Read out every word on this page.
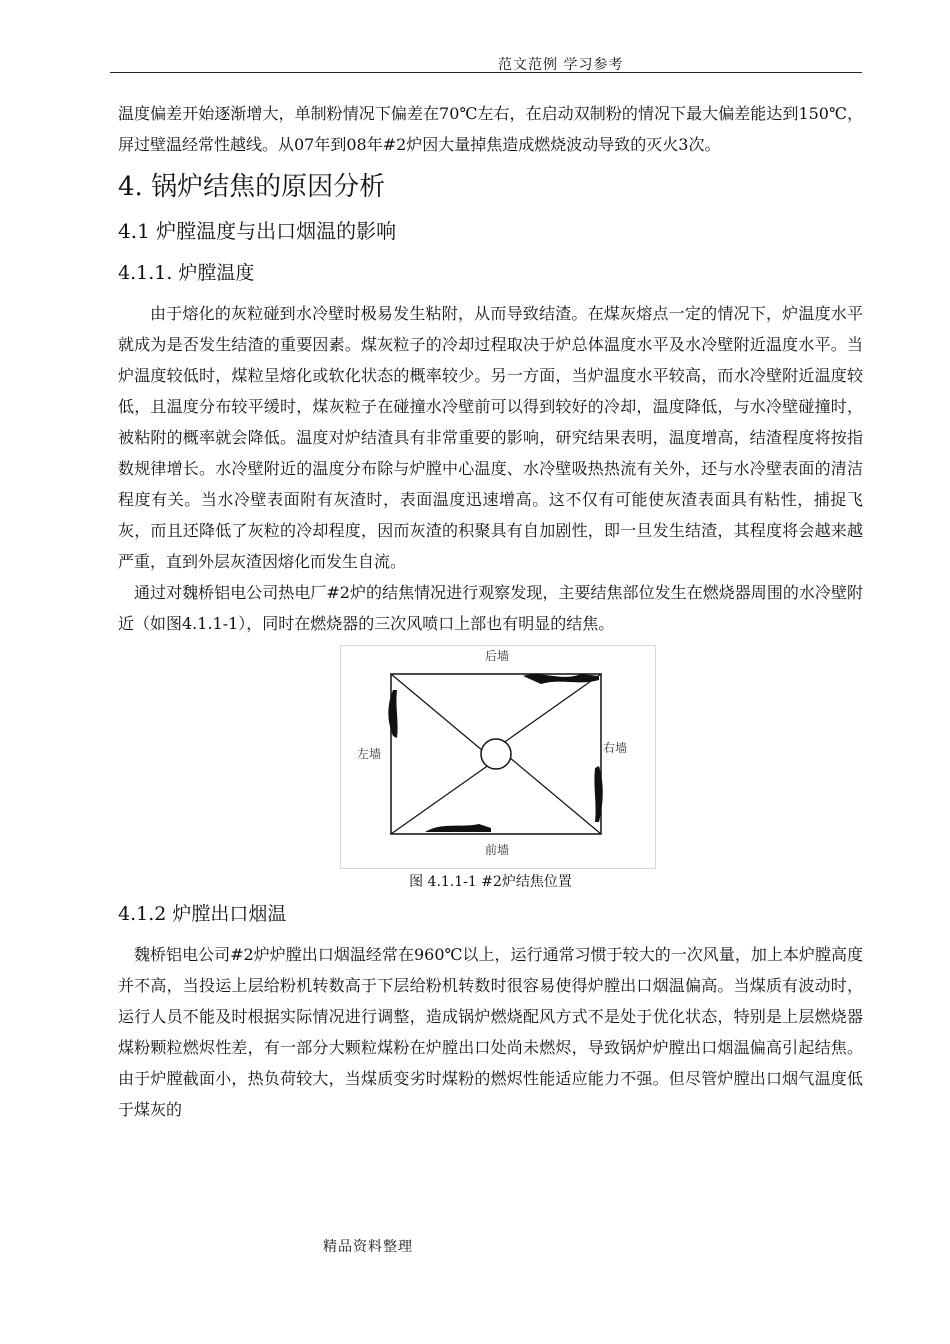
范文范例 学习参考

温度偏差开始逐渐增大，单制粉情况下偏差在70℃左右，在启动双制粉的情况下最大偏差能达到150℃，屏过壁温经常性越线。从07年到08年#2炉因大量掉焦造成燃烧波动导致的灭火3次。

4. 锅炉结焦的原因分析
4.1 炉膛温度与出口烟温的影响
4.1.1. 炉膛温度

由于熔化的灰粒碰到水冷壁时极易发生粘附，从而导致结渣。在煤灰熔点一定的情况下，炉温度水平就成为是否发生结渣的重要因素。煤灰粒子的冷却过程取决于炉总体温度水平及水冷壁附近温度水平。当炉温度较低时，煤粒呈熔化或软化状态的概率较少。另一方面，当炉温度水平较高，而水冷壁附近温度较低，且温度分布较平缓时，煤灰粒子在碰撞水冷壁前可以得到较好的冷却，温度降低，与水冷壁碰撞时，被粘附的概率就会降低。温度对炉结渣具有非常重要的影响，研究结果表明，温度增高，结渣程度将按指数规律增长。水冷壁附近的温度分布除与炉膛中心温度、水冷壁吸热热流有关外，还与水冷壁表面的清洁程度有关。当水冷壁表面附有灰渣时，表面温度迅速增高。这不仅有可能使灰渣表面具有粘性，捕捉飞灰，而且还降低了灰粒的冷却程度，因而灰渣的积聚具有自加剧性，即一旦发生结渣，其程度将会越来越严重，直到外层灰渣因熔化而发生自流。

通过对魏桥铝电公司热电厂#2炉的结焦情况进行观察发现，主要结焦部位发生在燃烧器周围的水冷壁附近（如图4.1.1-1），同时在燃烧器的三次风喷口上部也有明显的结焦。

后墙
左墙	右墙
前墙
图 4.1.1-1 #2炉结焦位置
4.1.2 炉膛出口烟温

魏桥铝电公司#2炉炉膛出口烟温经常在960℃以上，运行通常习惯于较大的一次风量，加上本炉膛高度并不高，当投运上层给粉机转数高于下层给粉机转数时很容易使得炉膛出口烟温偏高。当煤质有波动时，运行人员不能及时根据实际情况进行调整，造成锅炉燃烧配风方式不是处于优化状态，特别是上层燃烧器煤粉颗粒燃烬性差，有一部分大颗粒煤粉在炉膛出口处尚未燃烬，导致锅炉炉膛出口烟温偏高引起结焦。由于炉膛截面小，热负荷较大，当煤质变劣时煤粉的燃烬性能适应能力不强。但尽管炉膛出口烟气温度低于煤灰的

精品资料整理
